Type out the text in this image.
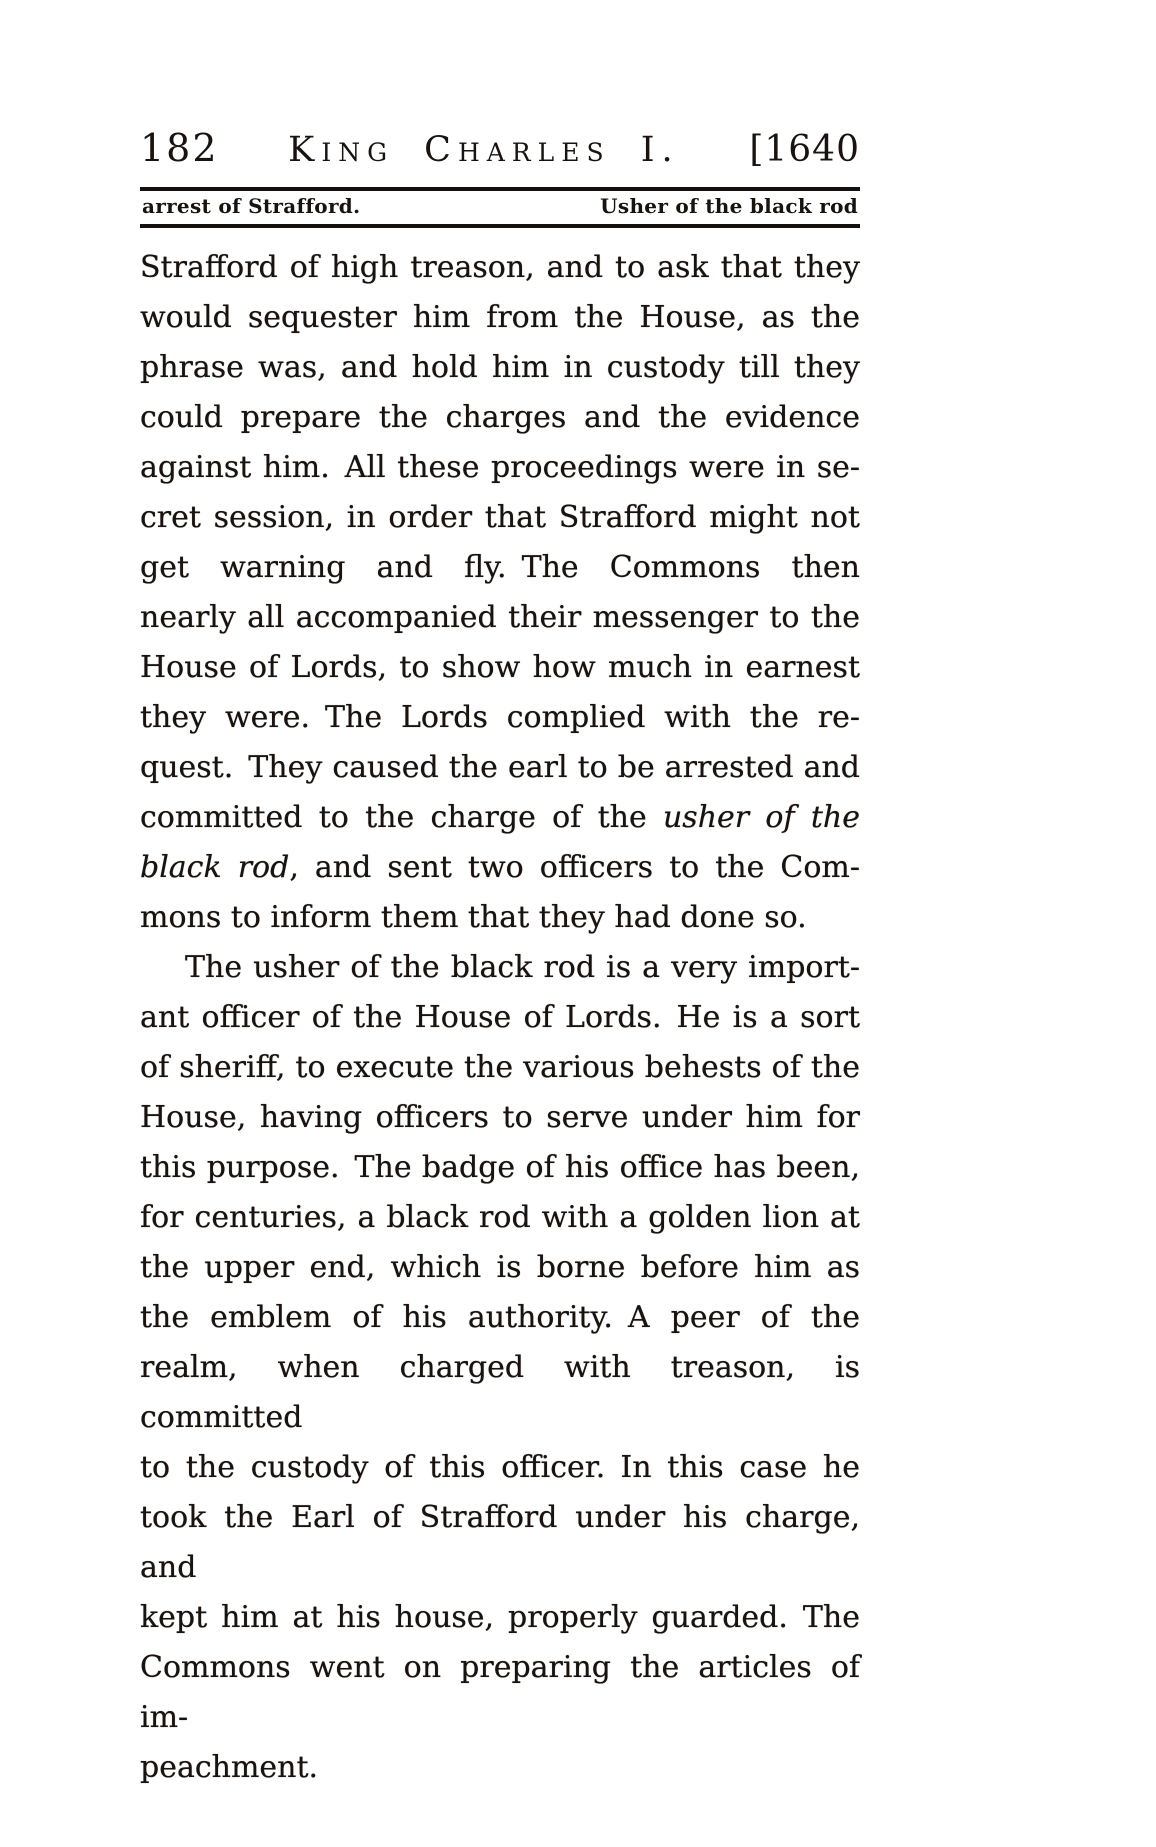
182	King Charles I.	[1640
arrest of Strafford.	Usher of the black rod
Strafford of high treason, and to ask that they
would sequester him from the House, as the
phrase was, and hold him in custody till they
could prepare the charges and the evidence
against him. All these proceedings were in se-
cret session, in order that Strafford might not
get warning and fly. The Commons then
nearly all accompanied their messenger to the
House of Lords, to show how much in earnest
they were. The Lords complied with the re-
quest. They caused the earl to be arrested and
committed to the charge of the usher of the
black rod, and sent two officers to the Com-
mons to inform them that they had done so.
The usher of the black rod is a very import-
ant officer of the House of Lords. He is a sort
of sheriff, to execute the various behests of the
House, having officers to serve under him for
this purpose. The badge of his office has been,
for centuries, a black rod with a golden lion at
the upper end, which is borne before him as
the emblem of his authority. A peer of the
realm, when charged with treason, is committed
to the custody of this officer. In this case he
took the Earl of Strafford under his charge, and
kept him at his house, properly guarded. The
Commons went on preparing the articles of im-
peachment.
